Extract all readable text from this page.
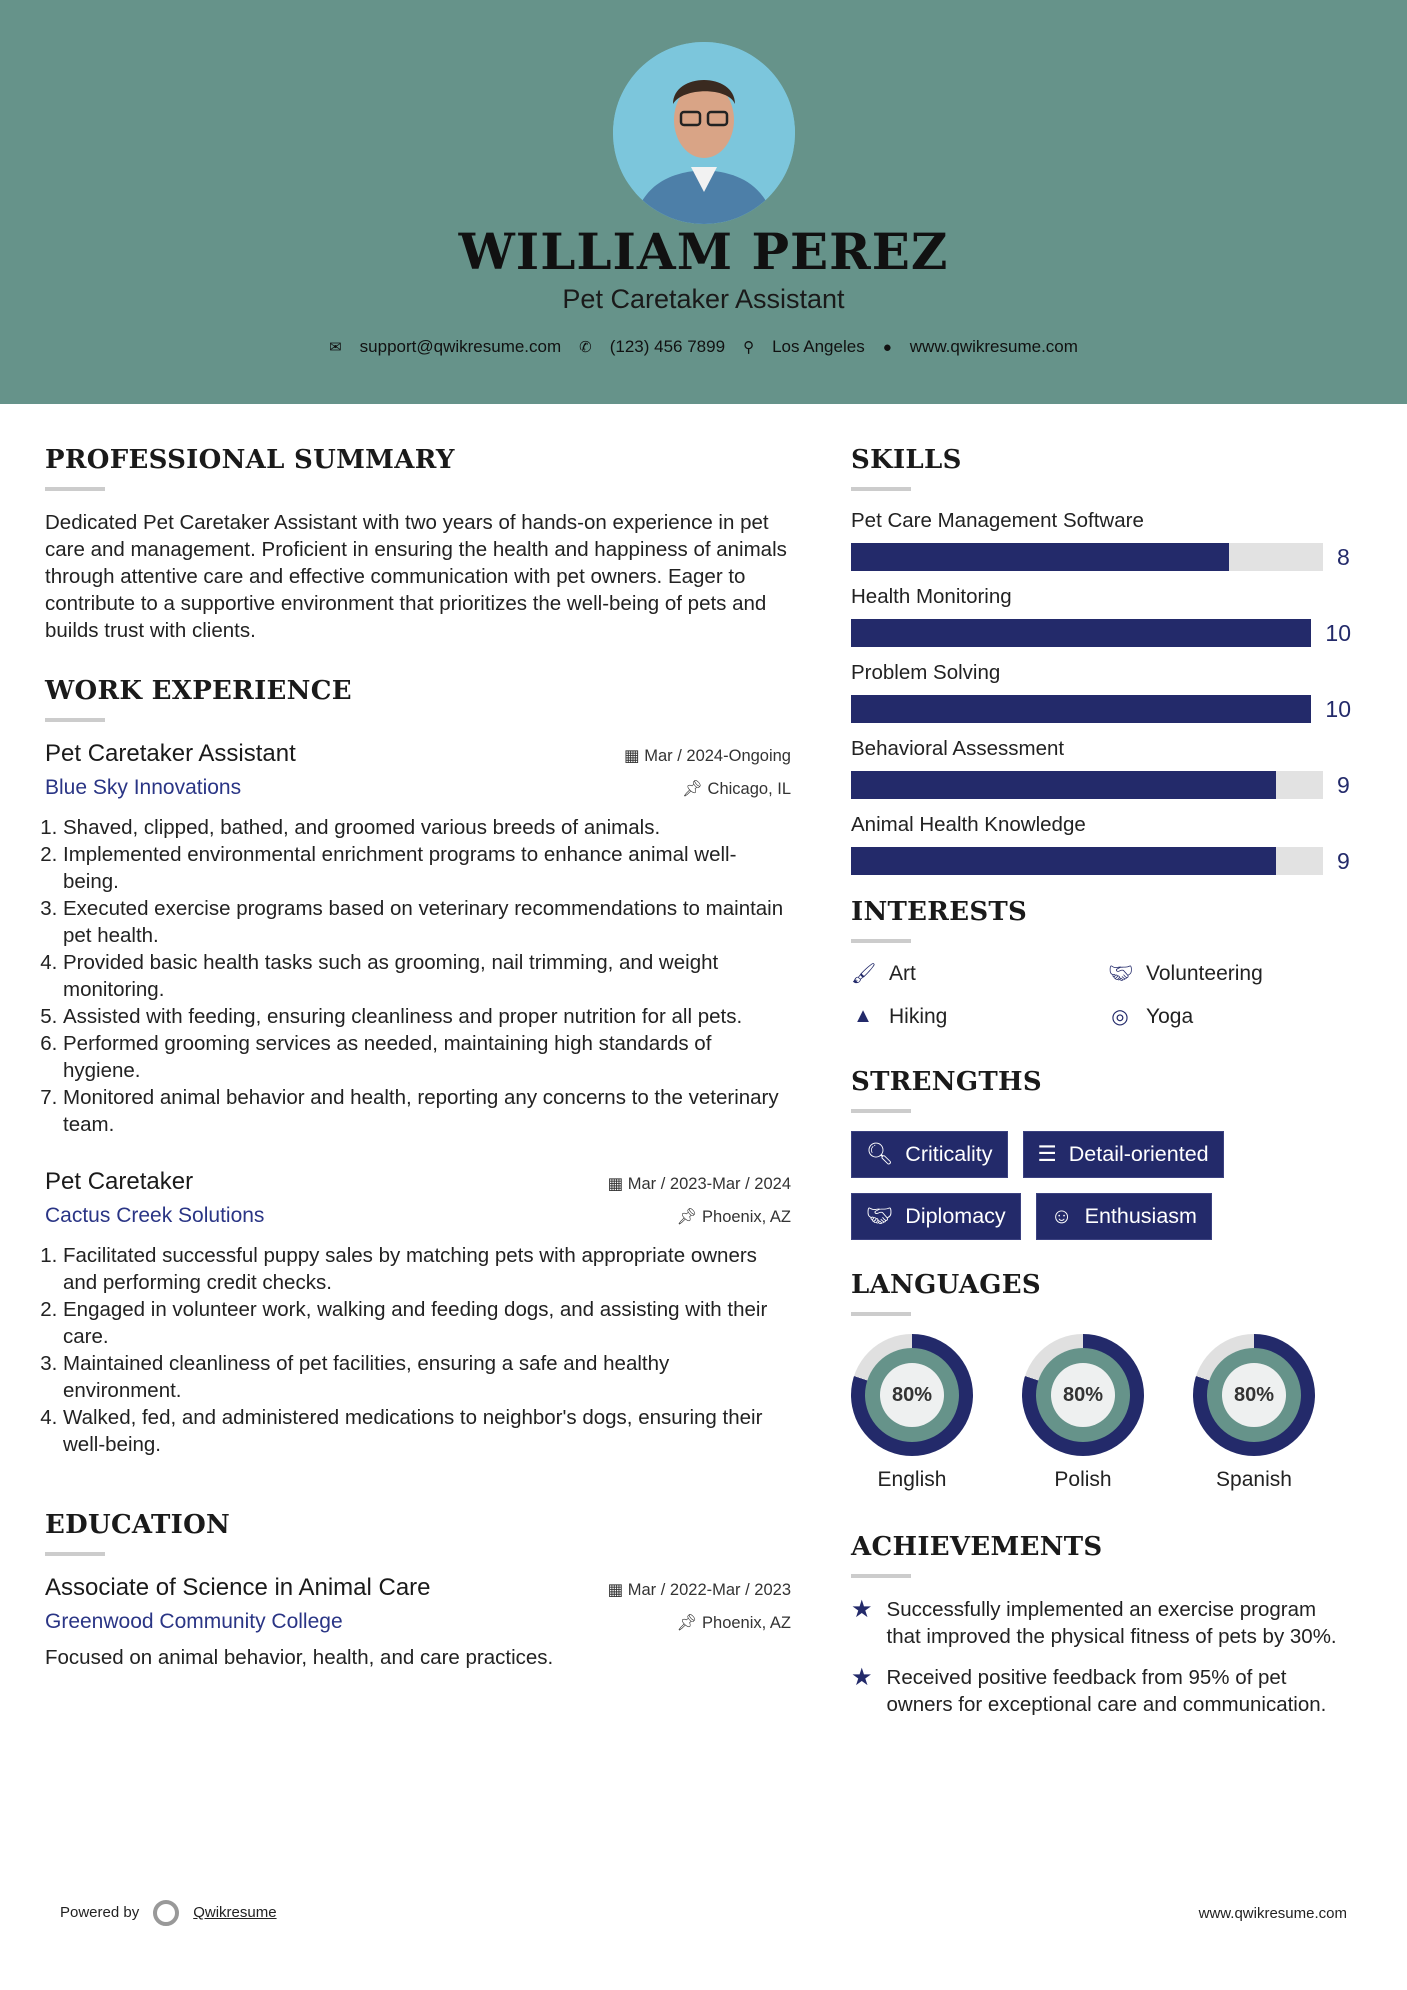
WILLIAM PEREZ
Pet Caretaker Assistant
✉ support@qwikresume.com ✆ (123) 456 7899 ⚲ Los Angeles ● www.qwikresume.com
PROFESSIONAL SUMMARY

Dedicated Pet Caretaker Assistant with two years of hands-on experience in pet care and management. Proficient in ensuring the health and happiness of animals through attentive care and effective communication with pet owners. Eager to contribute to a supportive environment that prioritizes the well-being of pets and builds trust with clients.

WORK EXPERIENCE
Pet Caretaker Assistant	▦ Mar / 2024-Ongoing
Blue Sky Innovations	📌︎ Chicago, IL
1. Shaved, clipped, bathed, and groomed various breeds of animals.
2. Implemented environmental enrichment programs to enhance animal well-being.
3. Executed exercise programs based on veterinary recommendations to maintain pet health.
4. Provided basic health tasks such as grooming, nail trimming, and weight monitoring.
5. Assisted with feeding, ensuring cleanliness and proper nutrition for all pets.
6. Performed grooming services as needed, maintaining high standards of hygiene.
7. Monitored animal behavior and health, reporting any concerns to the veterinary team.
Pet Caretaker	▦ Mar / 2023-Mar / 2024
Cactus Creek Solutions	📌︎ Phoenix, AZ
1. Facilitated successful puppy sales by matching pets with appropriate owners and performing credit checks.
2. Engaged in volunteer work, walking and feeding dogs, and assisting with their care.
3. Maintained cleanliness of pet facilities, ensuring a safe and healthy environment.
4. Walked, fed, and administered medications to neighbor's dogs, ensuring their well-being.
EDUCATION
Associate of Science in Animal Care	▦ Mar / 2022-Mar / 2023
Greenwood Community College	📌︎ Phoenix, AZ

Focused on animal behavior, health, and care practices.

SKILLS
Pet Care Management Software
8
Health Monitoring
10
Problem Solving
10
Behavioral Assessment
9
Animal Health Knowledge
9
INTERESTS
🖌︎ Art	🤝︎ Volunteering
▲ Hiking	◎ Yoga
STRENGTHS
🔍︎ Criticality ☰ Detail-oriented
🤝︎ Diplomacy ☺ Enthusiasm
LANGUAGES
80%
English
80%
Polish
80%
Spanish
ACHIEVEMENTS
★ Successfully implemented an exercise program that improved the physical fitness of pets by 30%.
★ Received positive feedback from 95% of pet owners for exceptional care and communication.
Powered by	Qwikresume	www.qwikresume.com
